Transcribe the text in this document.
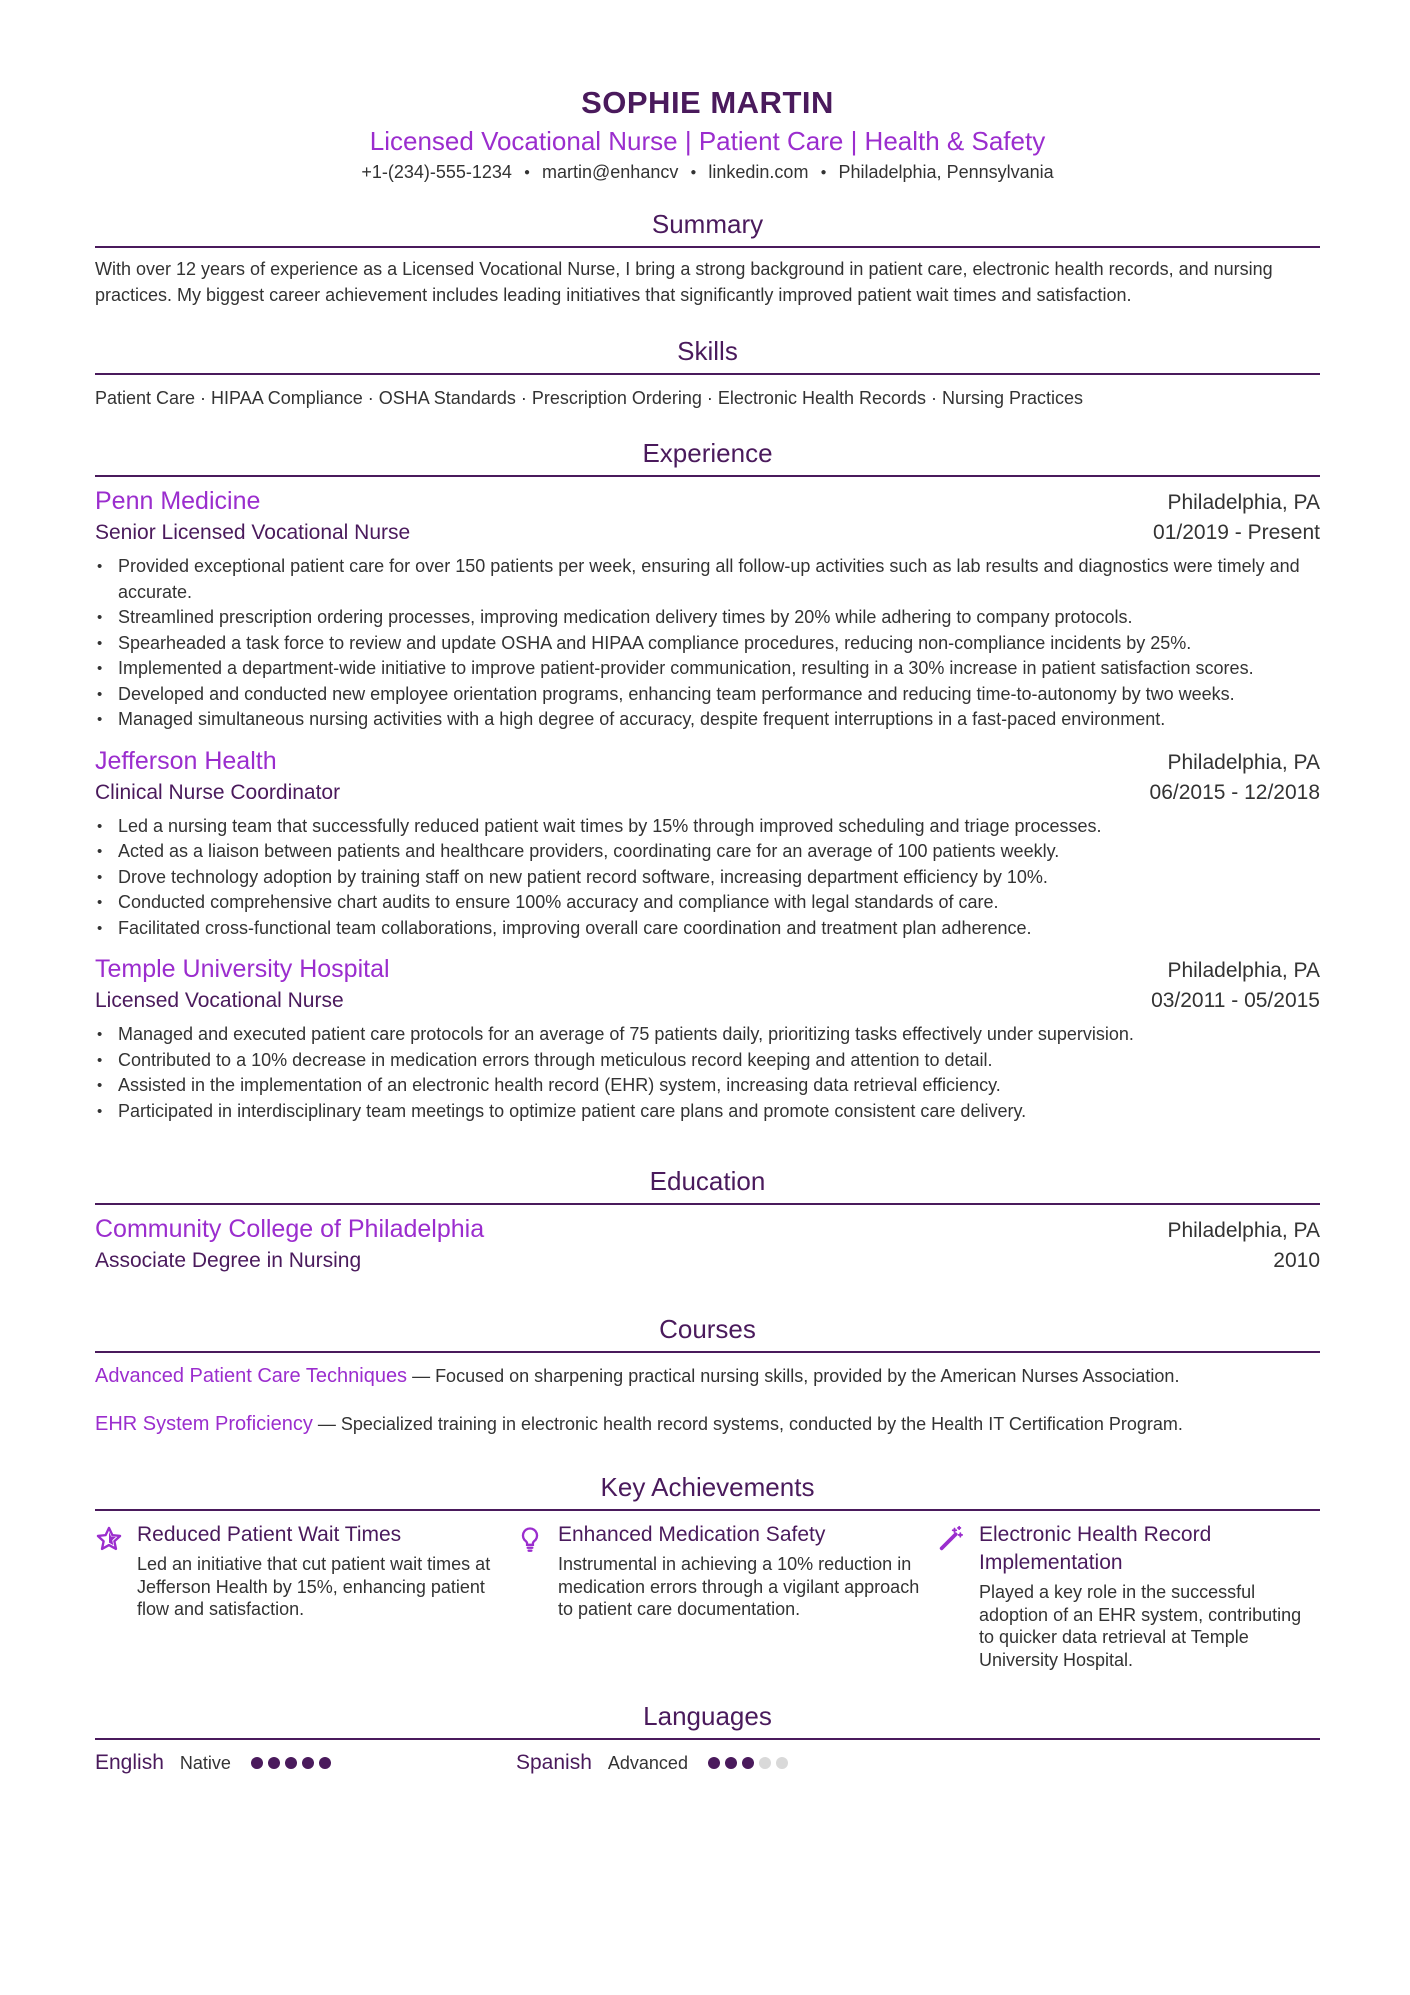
SOPHIE MARTIN
Licensed Vocational Nurse | Patient Care | Health & Safety
+1-(234)-555-1234 ● martin@enhancv ● linkedin.com ● Philadelphia, Pennsylvania
Summary
With over 12 years of experience as a Licensed Vocational Nurse, I bring a strong background in patient care, electronic health records, and nursing practices. My biggest career achievement includes leading initiatives that significantly improved patient wait times and satisfaction.
Skills
Patient Care · HIPAA Compliance · OSHA Standards · Prescription Ordering · Electronic Health Records · Nursing Practices
Experience
Penn Medicine	Philadelphia, PA
Senior Licensed Vocational Nurse	01/2019 - Present
• Provided exceptional patient care for over 150 patients per week, ensuring all follow-up activities such as lab results and diagnostics were timely and accurate.
• Streamlined prescription ordering processes, improving medication delivery times by 20% while adhering to company protocols.
• Spearheaded a task force to review and update OSHA and HIPAA compliance procedures, reducing non-compliance incidents by 25%.
• Implemented a department-wide initiative to improve patient-provider communication, resulting in a 30% increase in patient satisfaction scores.
• Developed and conducted new employee orientation programs, enhancing team performance and reducing time-to-autonomy by two weeks.
• Managed simultaneous nursing activities with a high degree of accuracy, despite frequent interruptions in a fast-paced environment.
Jefferson Health	Philadelphia, PA
Clinical Nurse Coordinator	06/2015 - 12/2018
• Led a nursing team that successfully reduced patient wait times by 15% through improved scheduling and triage processes.
• Acted as a liaison between patients and healthcare providers, coordinating care for an average of 100 patients weekly.
• Drove technology adoption by training staff on new patient record software, increasing department efficiency by 10%.
• Conducted comprehensive chart audits to ensure 100% accuracy and compliance with legal standards of care.
• Facilitated cross-functional team collaborations, improving overall care coordination and treatment plan adherence.
Temple University Hospital	Philadelphia, PA
Licensed Vocational Nurse	03/2011 - 05/2015
• Managed and executed patient care protocols for an average of 75 patients daily, prioritizing tasks effectively under supervision.
• Contributed to a 10% decrease in medication errors through meticulous record keeping and attention to detail.
• Assisted in the implementation of an electronic health record (EHR) system, increasing data retrieval efficiency.
• Participated in interdisciplinary team meetings to optimize patient care plans and promote consistent care delivery.
Education
Community College of Philadelphia	Philadelphia, PA
Associate Degree in Nursing	2010
Courses
Advanced Patient Care Techniques — Focused on sharpening practical nursing skills, provided by the American Nurses Association.
EHR System Proficiency — Specialized training in electronic health record systems, conducted by the Health IT Certification Program.
Key Achievements
Reduced Patient Wait Times
Led an initiative that cut patient wait times at Jefferson Health by 15%, enhancing patient flow and satisfaction.
Enhanced Medication Safety
Instrumental in achieving a 10% reduction in medication errors through a vigilant approach to patient care documentation.
Electronic Health Record Implementation
Played a key role in the successful adoption of an EHR system, contributing to quicker data retrieval at Temple University Hospital.
Languages
English Native	Spanish Advanced
